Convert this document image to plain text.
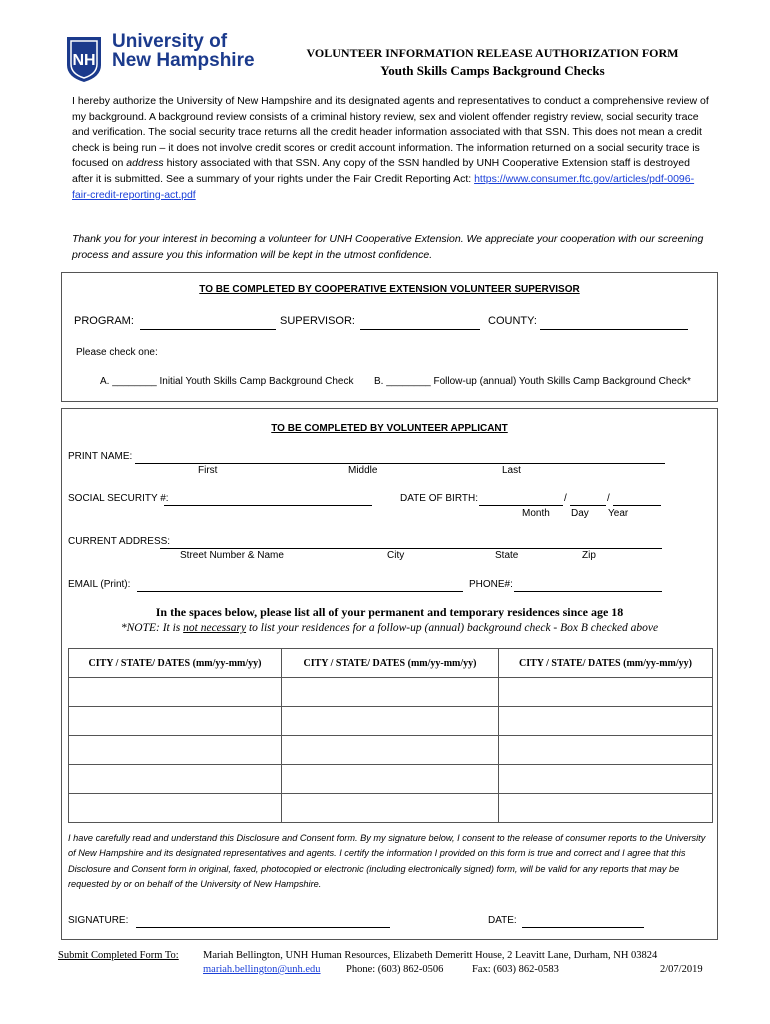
NH
University of
New Hampshire	VOLUNTEER INFORMATION RELEASE AUTHORIZATION FORM
Youth Skills Camps Background Checks
I hereby authorize the University of New Hampshire and its designated agents and representatives to conduct a comprehensive review of my background. A background review consists of a criminal history review, sex and violent offender registry review, social security trace and verification. The social security trace returns all the credit header information associated with that SSN. This does not mean a credit check is being run – it does not involve credit scores or credit account information. The information returned on a social security trace is focused on address history associated with that SSN. Any copy of the SSN handled by UNH Cooperative Extension staff is destroyed after it is submitted. See a summary of your rights under the Fair Credit Reporting Act: https://www.consumer.ftc.gov/articles/pdf-0096-fair-credit-reporting-act.pdf
Thank you for your interest in becoming a volunteer for UNH Cooperative Extension. We appreciate your cooperation with our screening process and assure you this information will be kept in the utmost confidence.
TO BE COMPLETED BY COOPERATIVE EXTENSION VOLUNTEER SUPERVISOR
PROGRAM:	SUPERVISOR:	COUNTY:
Please check one:
A. ________ Initial Youth Skills Camp Background Check B. ________ Follow-up (annual) Youth Skills Camp Background Check*
TO BE COMPLETED BY VOLUNTEER APPLICANT
PRINT NAME:
First	Middle	Last
SOCIAL SECURITY #:	DATE OF BIRTH:	/	/
Month Day Year
CURRENT ADDRESS:
Street Number & Name	City	State	Zip
EMAIL (Print):	PHONE#:
In the spaces below, please list all of your permanent and temporary residences since age 18
*NOTE: It is not necessary to list your residences for a follow-up (annual) background check - Box B checked above
I have carefully read and understand this Disclosure and Consent form. By my signature below, I consent to the release of consumer reports to the University of New Hampshire and its designated representatives and agents. I certify the information I provided on this form is true and correct and I agree that this Disclosure and Consent form in original, faxed, photocopied or electronic (including electronically signed) form, will be valid for any reports that may be requested by or on behalf of the University of New Hampshire.
SIGNATURE:	DATE:
CITY / STATE/ DATES (mm/yy-mm/yy)	CITY / STATE/ DATES (mm/yy-mm/yy)	CITY / STATE/ DATES (mm/yy-mm/yy)

Submit Completed Form To: Mariah Bellington, UNH Human Resources, Elizabeth Demeritt House, 2 Leavitt Lane, Durham, NH 03824
mariah.bellington@unh.edu Phone: (603) 862-0506	Fax: (603) 862-0583	2/07/2019
